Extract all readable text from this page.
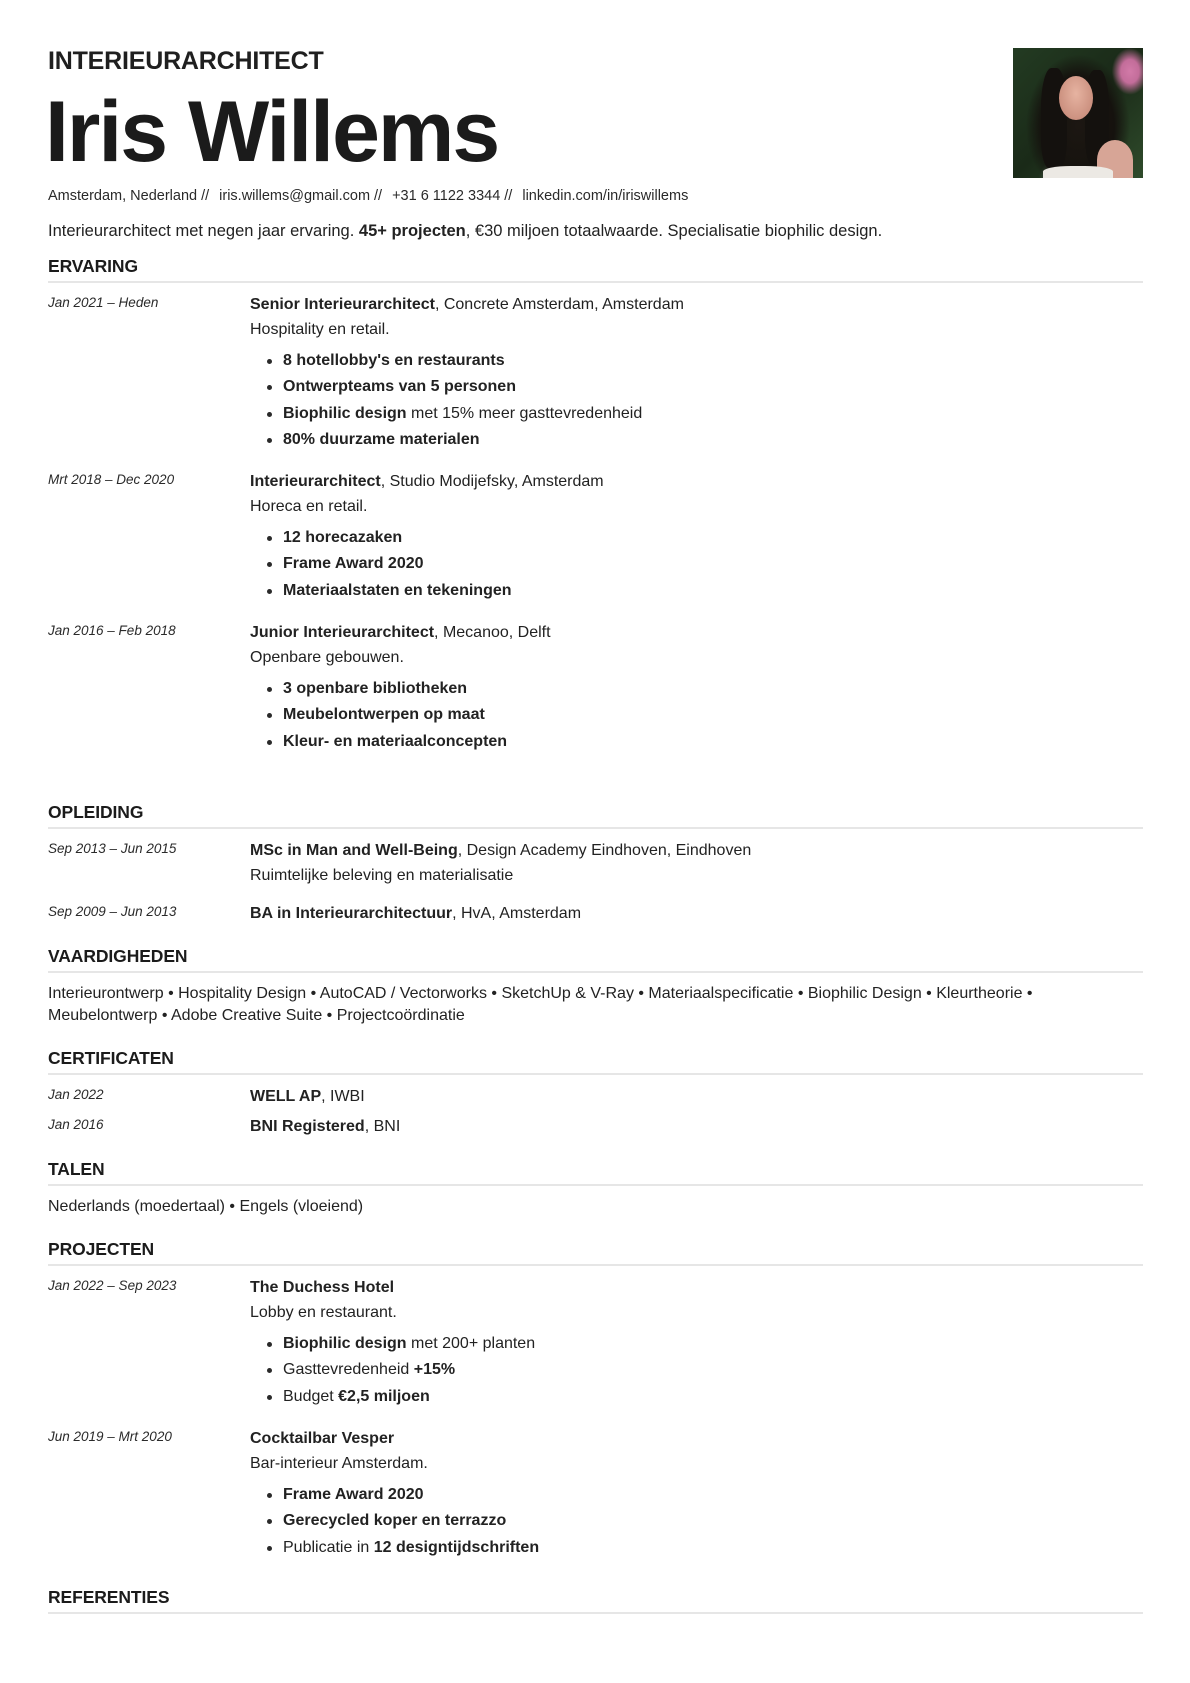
INTERIEURARCHITECT
Iris Willems
Amsterdam, Nederland // iris.willems@gmail.com // +31 6 1122 3344 // linkedin.com/in/iriswillems
Interieurarchitect met negen jaar ervaring. 45+ projecten, €30 miljoen totaalwaarde. Specialisatie biophilic design.
ERVARING
Jan 2021 – Heden	Senior Interieurarchitect, Concrete Amsterdam, Amsterdam
Hospitality en retail.
8 hotellobby's en restaurants
Ontwerpteams van 5 personen
Biophilic design met 15% meer gasttevredenheid
80% duurzame materialen
Mrt 2018 – Dec 2020	Interieurarchitect, Studio Modijefsky, Amsterdam
Horeca en retail.
12 horecazaken
Frame Award 2020
Materiaalstaten en tekeningen
Jan 2016 – Feb 2018	Junior Interieurarchitect, Mecanoo, Delft
Openbare gebouwen.
3 openbare bibliotheken
Meubelontwerpen op maat
Kleur- en materiaalconcepten
OPLEIDING
Sep 2013 – Jun 2015	MSc in Man and Well-Being, Design Academy Eindhoven, Eindhoven
Ruimtelijke beleving en materialisatie
Sep 2009 – Jun 2013	BA in Interieurarchitectuur, HvA, Amsterdam
VAARDIGHEDEN
Interieurontwerp • Hospitality Design • AutoCAD / Vectorworks • SketchUp & V-Ray • Materiaalspecificatie • Biophilic Design • Kleurtheorie •
Meubelontwerp • Adobe Creative Suite • Projectcoördinatie
CERTIFICATEN
Jan 2022	WELL AP, IWBI
Jan 2016	BNI Registered, BNI
TALEN
Nederlands (moedertaal) • Engels (vloeiend)
PROJECTEN
Jan 2022 – Sep 2023	The Duchess Hotel
Lobby en restaurant.
Biophilic design met 200+ planten
Gasttevredenheid +15%
Budget €2,5 miljoen
Jun 2019 – Mrt 2020	Cocktailbar Vesper
Bar-interieur Amsterdam.
Frame Award 2020
Gerecycled koper en terrazzo
Publicatie in 12 designtijdschriften
REFERENTIES
